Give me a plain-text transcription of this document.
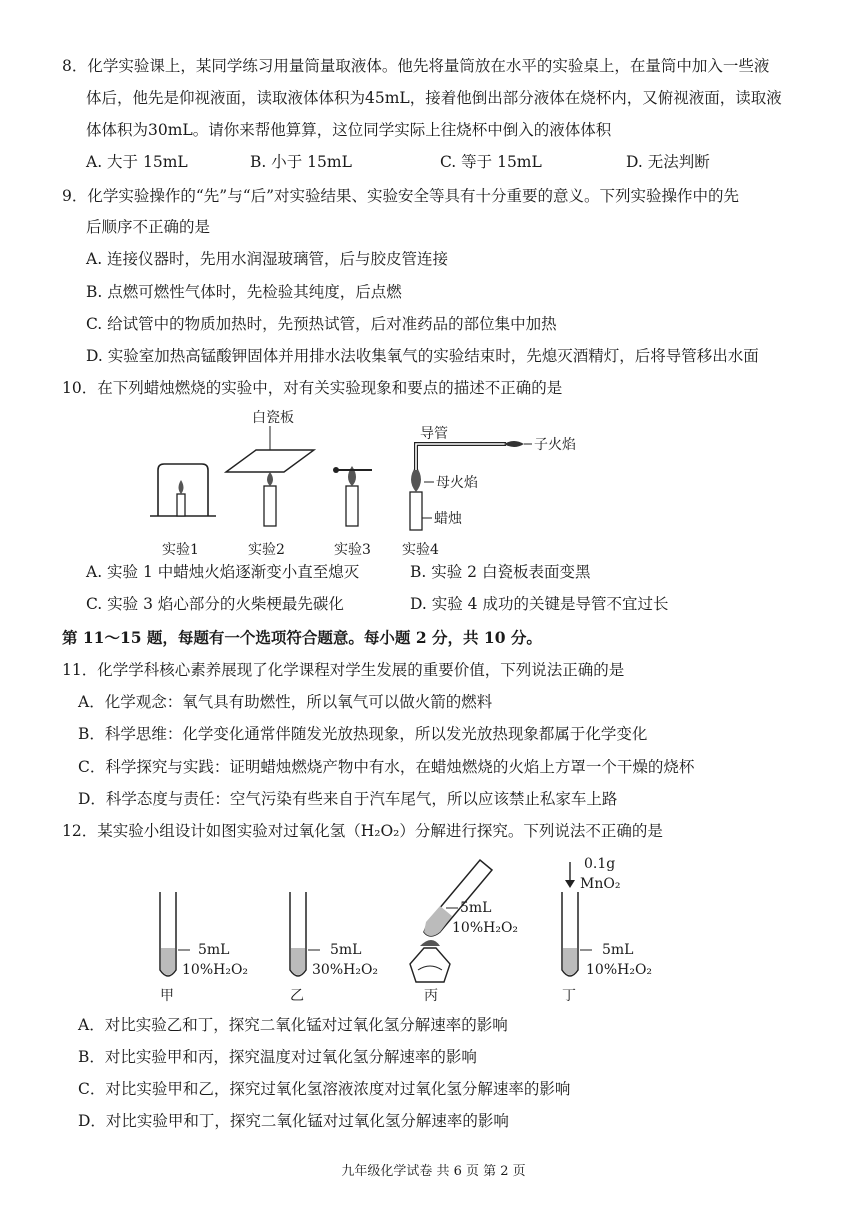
8．化学实验课上，某同学练习用量筒量取液体。他先将量筒放在水平的实验桌上，在量筒中加入一些液
体后，他先是仰视液面，读取液体体积为45mL，接着他倒出部分液体在烧杯内，又俯视液面，读取液
体体积为30mL。请你来帮他算算，这位同学实际上往烧杯中倒入的液体体积
A. 大于 15mL	B. 小于 15mL	C. 等于 15mL	D. 无法判断
9．化学实验操作的“先”与“后”对实验结果、实验安全等具有十分重要的意义。下列实验操作中的先
后顺序不正确的是
A. 连接仪器时，先用水润湿玻璃管，后与胶皮管连接
B. 点燃可燃性气体时，先检验其纯度，后点燃
C. 给试管中的物质加热时，先预热试管，后对准药品的部位集中加热
D. 实验室加热高锰酸钾固体并用排水法收集氧气的实验结束时，先熄灭酒精灯，后将导管移出水面
10．在下列蜡烛燃烧的实验中，对有关实验现象和要点的描述不正确的是
白瓷板
导管
子火焰
母火焰
蜡烛
实验1	实验2	实验3 实验4
A. 实验 1 中蜡烛火焰逐渐变小直至熄灭	B. 实验 2 白瓷板表面变黑
C. 实验 3 焰心部分的火柴梗最先碳化	D. 实验 4 成功的关键是导管不宜过长
第 11～15 题，每题有一个选项符合题意。每小题 2 分，共 10 分。
11．化学学科核心素养展现了化学课程对学生发展的重要价值，下列说法正确的是
A．化学观念：氧气具有助燃性，所以氧气可以做火箭的燃料
B．科学思维：化学变化通常伴随发光放热现象，所以发光放热现象都属于化学变化
C．科学探究与实践：证明蜡烛燃烧产物中有水，在蜡烛燃烧的火焰上方罩一个干燥的烧杯
D．科学态度与责任：空气污染有些来自于汽车尾气，所以应该禁止私家车上路
12．某实验小组设计如图实验对过氧化氢（H₂O₂）分解进行探究。下列说法不正确的是
5mL
10%H₂O₂
甲
5mL
30%H₂O₂
乙
5mL
10%H₂O₂
丙
0.1g
MnO₂
5mL
10%H₂O₂
丁
A．对比实验乙和丁，探究二氧化锰对过氧化氢分解速率的影响
B．对比实验甲和丙，探究温度对过氧化氢分解速率的影响
C．对比实验甲和乙，探究过氧化氢溶液浓度对过氧化氢分解速率的影响
D．对比实验甲和丁，探究二氧化锰对过氧化氢分解速率的影响
九年级化学试卷 共 6 页 第 2 页
